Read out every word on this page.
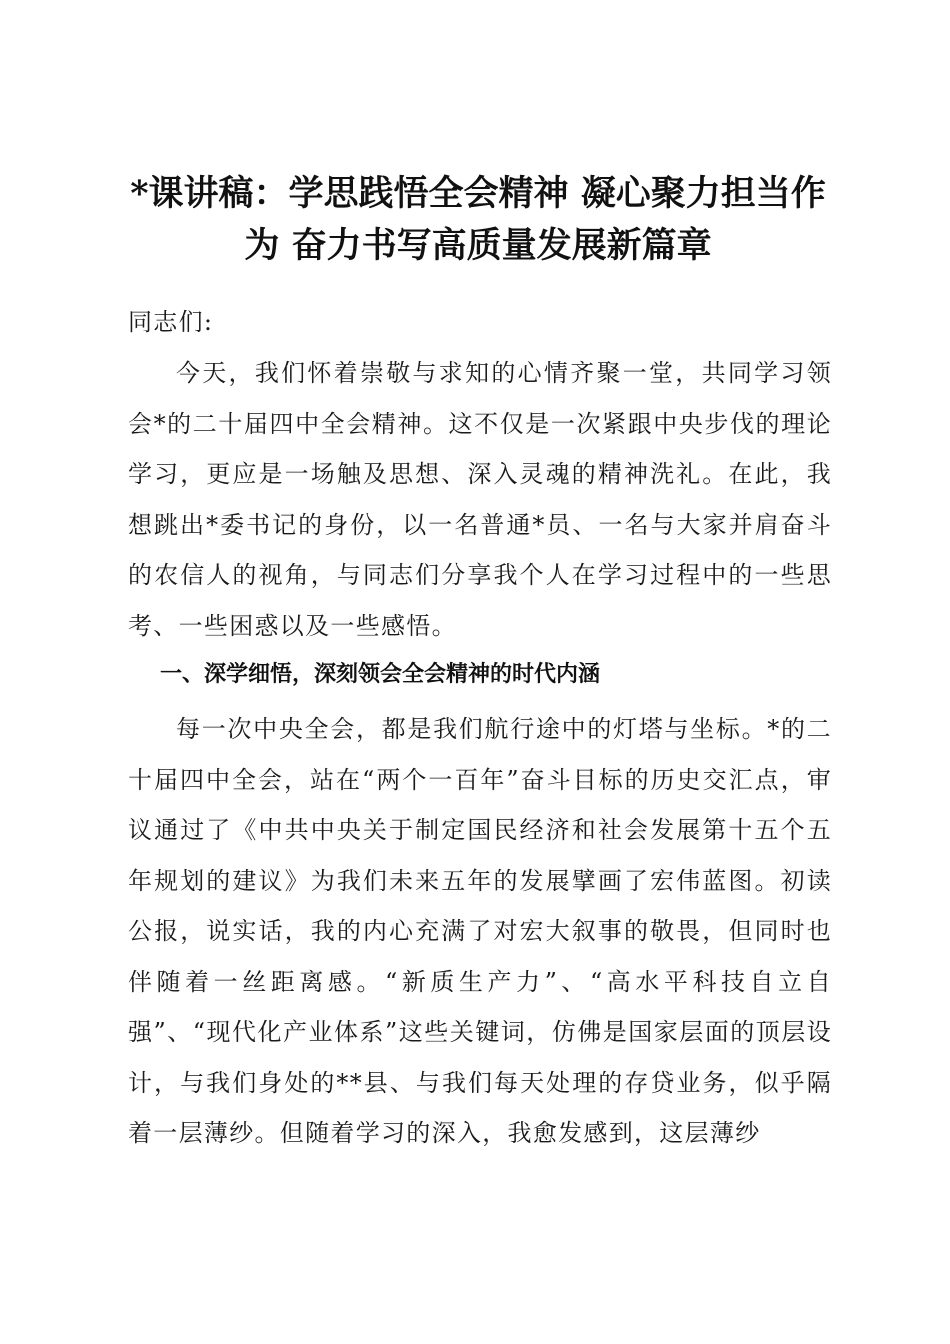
*课讲稿：学思践悟全会精神 凝心聚力担当作
为 奋力书写高质量发展新篇章
同志们:

今天，我们怀着崇敬与求知的心情齐聚一堂，共同学习领会*的二十届四中全会精神。这不仅是一次紧跟中央步伐的理论学习，更应是一场触及思想、深入灵魂的精神洗礼。在此，我想跳出*委书记的身份，以一名普通*员、一名与大家并肩奋斗的农信人的视角，与同志们分享我个人在学习过程中的一些思考、一些困惑以及一些感悟。

一、深学细悟，深刻领会全会精神的时代内涵

每一次中央全会，都是我们航行途中的灯塔与坐标。*的二十届四中全会，站在“两个一百年”奋斗目标的历史交汇点，审议通过了《中共中央关于制定国民经济和社会发展第十五个五年规划的建议》为我们未来五年的发展擘画了宏伟蓝图。初读公报，说实话，我的内心充满了对宏大叙事的敬畏，但同时也伴随着一丝距离感。“新质生产力”、“高水平科技自立自强”、“现代化产业体系”这些关键词，仿佛是国家层面的顶层设计，与我们身处的**县、与我们每天处理的存贷业务，似乎隔着一层薄纱。但随着学习的深入，我愈发感到，这层薄纱
